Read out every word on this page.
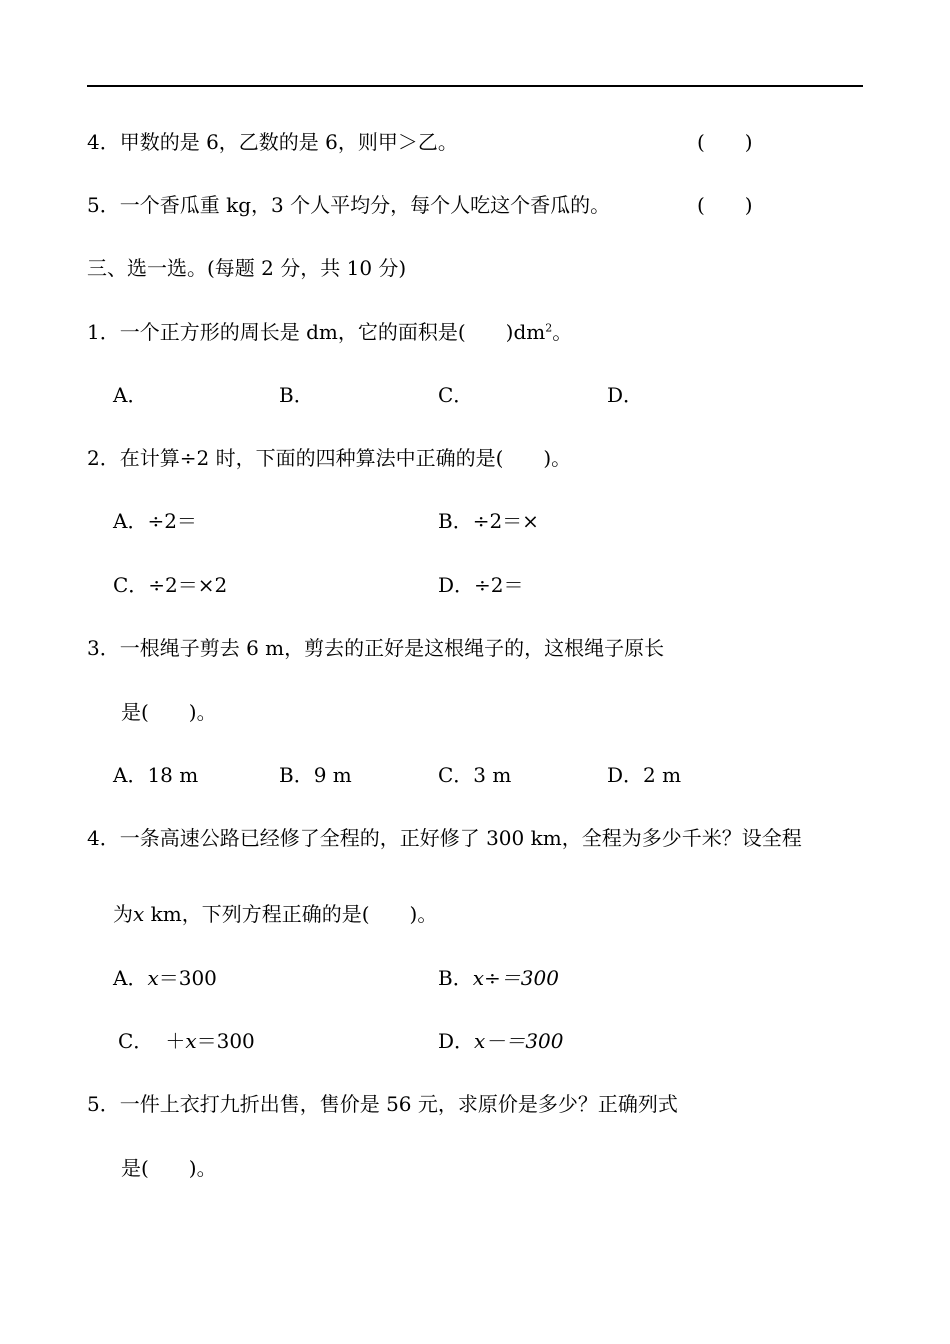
4．甲数的是 6，乙数的是 6，则甲＞乙。	(　　)
5．一个香瓜重 kg，3 个人平均分，每个人吃这个香瓜的。	(　　)
三、选一选。(每题 2 分，共 10 分)
1．一个正方形的周长是 dm，它的面积是(　　)$dm^2$。
A．	B．	C．	D．
2．在计算÷2 时，下面的四种算法中正确的是(　　)。
A．÷2＝	B．÷2＝×
C．÷2＝×2	D．÷2＝
3．一根绳子剪去 6 m，剪去的正好是这根绳子的，这根绳子原长
是(　　)。
A．18 m	B．9 m	C．3 m	D．2 m
4．一条高速公路已经修了全程的，正好修了 300 km，全程为多少千米？设全程
为x km，下列方程正确的是(　　)。
A．x＝300	B．x÷＝300
C． ＋x＝300	D．x－＝300
5．一件上衣打九折出售，售价是 56 元，求原价是多少？正确列式
是(　　)。
